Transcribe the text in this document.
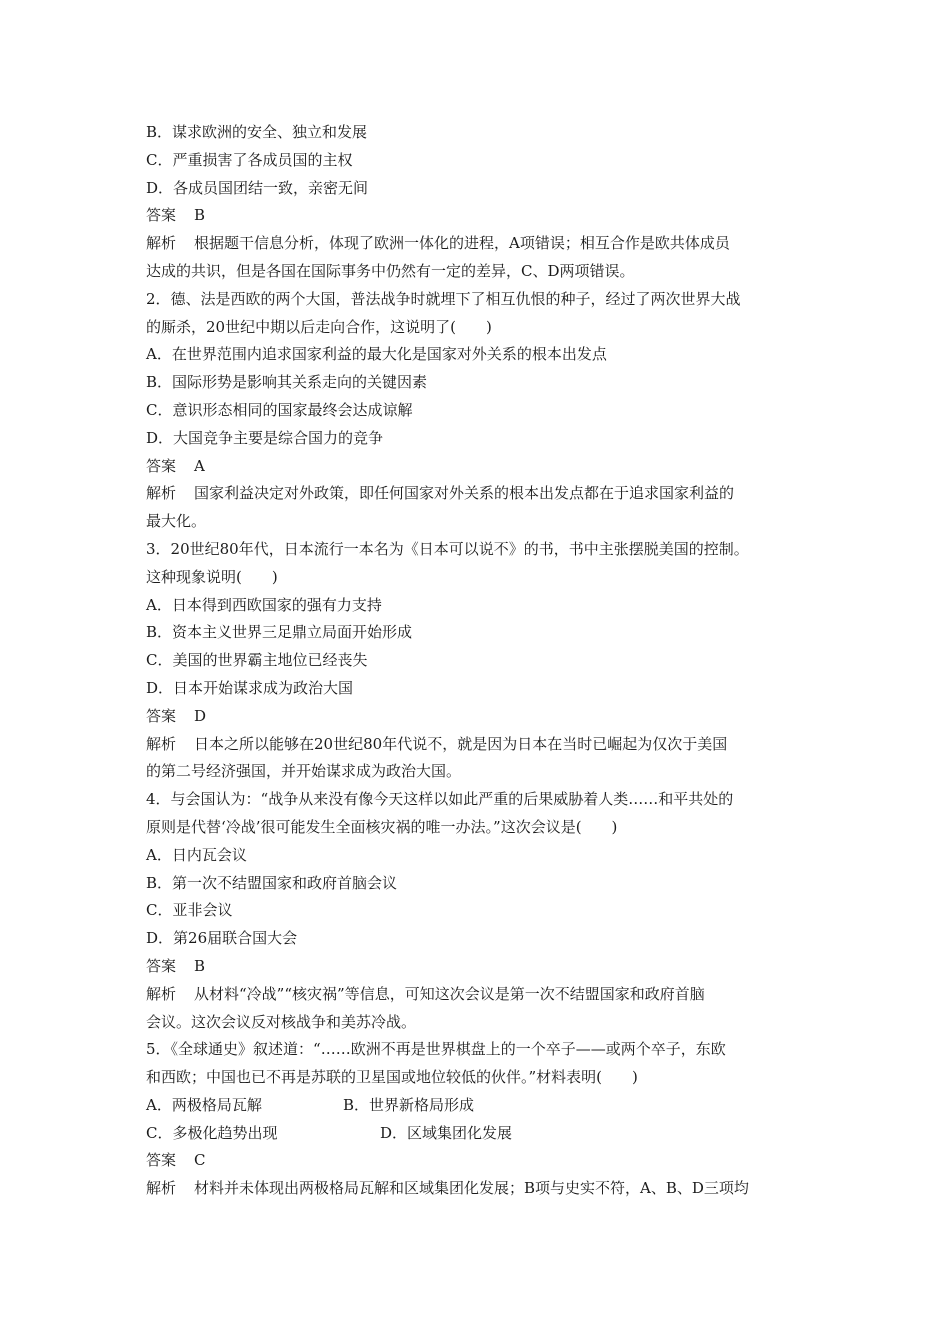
B．谋求欧洲的安全、独立和发展
C．严重损害了各成员国的主权
D．各成员国团结一致，亲密无间
答案 B
解析 根据题干信息分析，体现了欧洲一体化的进程，A项错误；相互合作是欧共体成员
达成的共识，但是各国在国际事务中仍然有一定的差异，C、D两项错误。
2．德、法是西欧的两个大国，普法战争时就埋下了相互仇恨的种子，经过了两次世界大战
的厮杀，20世纪中期以后走向合作，这说明了(　　)
A．在世界范围内追求国家利益的最大化是国家对外关系的根本出发点
B．国际形势是影响其关系走向的关键因素
C．意识形态相同的国家最终会达成谅解
D．大国竞争主要是综合国力的竞争
答案 A
解析 国家利益决定对外政策，即任何国家对外关系的根本出发点都在于追求国家利益的
最大化。
3．20世纪80年代，日本流行一本名为《日本可以说不》的书，书中主张摆脱美国的控制。
这种现象说明(　　)
A．日本得到西欧国家的强有力支持
B．资本主义世界三足鼎立局面开始形成
C．美国的世界霸主地位已经丧失
D．日本开始谋求成为政治大国
答案 D
解析 日本之所以能够在20世纪80年代说不，就是因为日本在当时已崛起为仅次于美国
的第二号经济强国，并开始谋求成为政治大国。
4．与会国认为：“战争从来没有像今天这样以如此严重的后果威胁着人类……和平共处的
原则是代替‘冷战’很可能发生全面核灾祸的唯一办法。”这次会议是(　　)
A．日内瓦会议
B．第一次不结盟国家和政府首脑会议
C．亚非会议
D．第26届联合国大会
答案 B
解析 从材料“冷战”“核灾祸”等信息，可知这次会议是第一次不结盟国家和政府首脑
会议。这次会议反对核战争和美苏冷战。
5．《全球通史》叙述道：“……欧洲不再是世界棋盘上的一个卒子——或两个卒子，东欧
和西欧；中国也已不再是苏联的卫星国或地位较低的伙伴。”材料表明(　　)
A．两极格局瓦解	B．世界新格局形成
C．多极化趋势出现	D．区域集团化发展
答案 C
解析 材料并未体现出两极格局瓦解和区域集团化发展；B项与史实不符，A、B、D三项均
